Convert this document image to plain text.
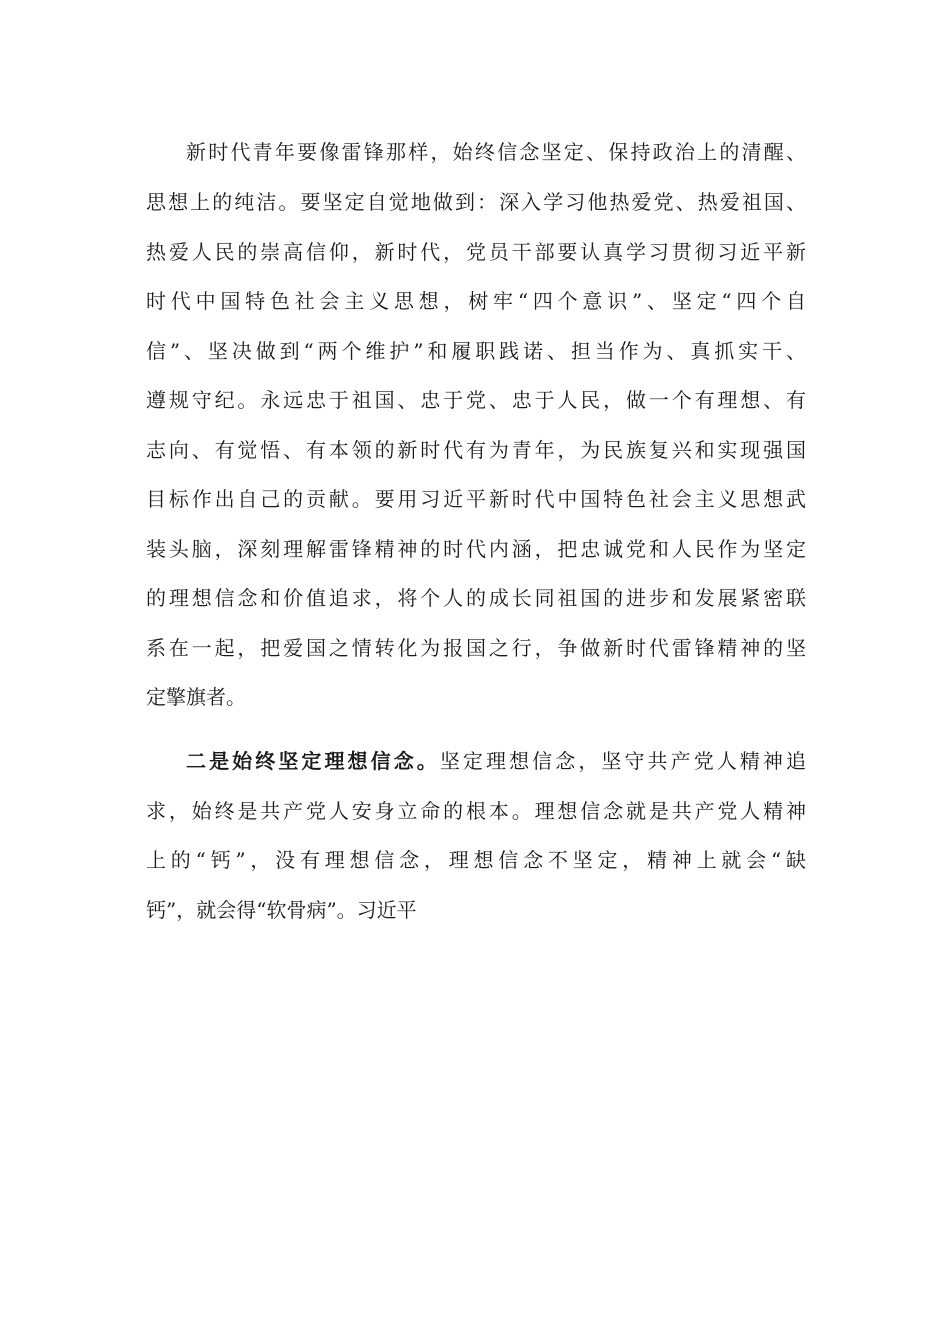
新时代青年要像雷锋那样，始终信念坚定、保持政治上的清醒、
思想上的纯洁。要坚定自觉地做到：深入学习他热爱党、热爱祖国、
热爱人民的崇高信仰，新时代，党员干部要认真学习贯彻习近平新
时代中国特色社会主义思想，树牢“四个意识”、坚定“四个自
信”、坚决做到“两个维护”和履职践诺、担当作为、真抓实干、
遵规守纪。永远忠于祖国、忠于党、忠于人民，做一个有理想、有
志向、有觉悟、有本领的新时代有为青年，为民族复兴和实现强国
目标作出自己的贡献。要用习近平新时代中国特色社会主义思想武
装头脑，深刻理解雷锋精神的时代内涵，把忠诚党和人民作为坚定
的理想信念和价值追求，将个人的成长同祖国的进步和发展紧密联
系在一起，把爱国之情转化为报国之行，争做新时代雷锋精神的坚
定擎旗者。
二是始终坚定理想信念。坚定理想信念，坚守共产党人精神追
求，始终是共产党人安身立命的根本。理想信念就是共产党人精神
上的“钙”，没有理想信念，理想信念不坚定，精神上就会“缺
钙”，就会得“软骨病”。习近平
